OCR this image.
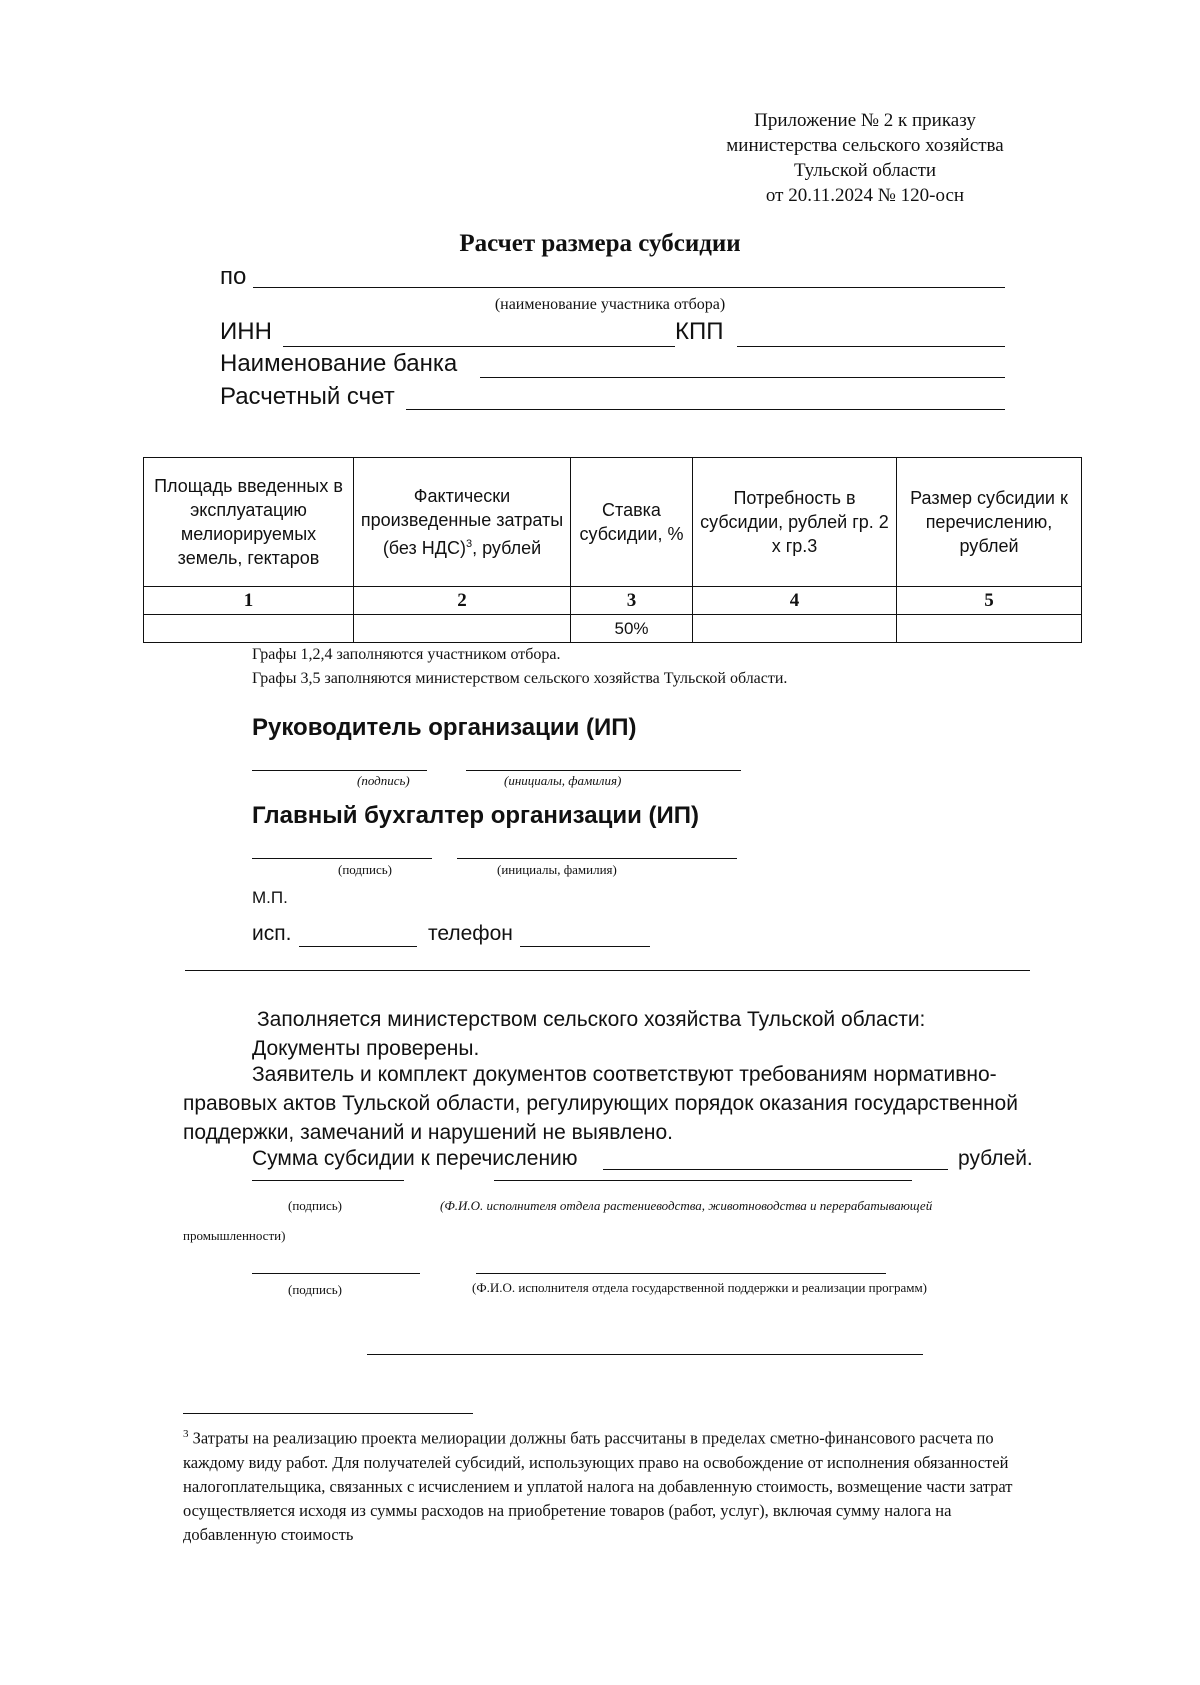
Приложение № 2 к приказу
министерства сельского хозяйства
Тульской области
от 20.11.2024 № 120-осн
Расчет размера субсидии
по
(наименование участника отбора)
ИНН	КПП
Наименование банка
Расчетный счет
Площадь введенных в эксплуатацию мелиорируемых земель, гектаров	Фактически произведенные затраты (без НДС)$^3$, рублей	Ставка субсидии, %	Потребность в субсидии, рублей гр. 2 х гр.3	Размер субсидии к перечислению, рублей
1	2	3	4	5
		50%		
Графы 1,2,4 заполняются участником отбора.
Графы 3,5 заполняются министерством сельского хозяйства Тульской области.
Руководитель организации (ИП)
(подпись)	(инициалы, фамилия)
Главный бухгалтер организации (ИП)
(подпись)	(инициалы, фамилия)
М.П.
исп.	телефон
Заполняется министерством сельского хозяйства Тульской области:
Документы проверены.
Заявитель и комплект документов соответствуют требованиям нормативно-правовых актов Тульской области, регулирующих порядок оказания государственной поддержки, замечаний и нарушений не выявлено.
Сумма субсидии к перечислению	рублей.
(подпись)	(Ф.И.О. исполнителя отдела растениеводства, животноводства и перерабатывающей
промышленности)
(подпись)	(Ф.И.О. исполнителя отдела государственной поддержки и реализации программ)
$^3$ Затраты на реализацию проекта мелиорации должны бать рассчитаны в пределах сметно-финансового расчета по каждому виду работ. Для получателей субсидий, использующих право на освобождение от исполнения обязанностей налогоплательщика, связанных с исчислением и уплатой налога на добавленную стоимость, возмещение части затрат осуществляется исходя из суммы расходов на приобретение товаров (работ, услуг), включая сумму налога на добавленную стоимость
